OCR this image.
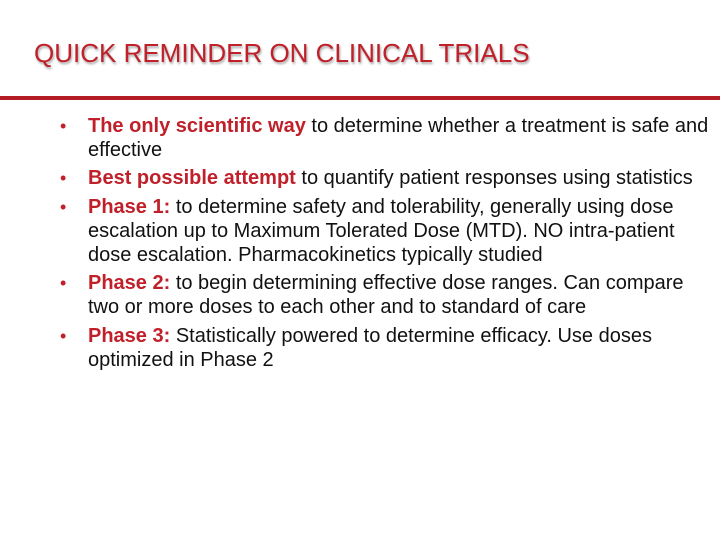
QUICK REMINDER ON CLINICAL TRIALS
• The only scientific way to determine whether a treatment is safe and effective
• Best possible attempt to quantify patient responses using statistics
• Phase 1: to determine safety and tolerability, generally using dose escalation up to Maximum Tolerated Dose (MTD). NO intra-patient dose escalation. Pharmacokinetics typically studied
• Phase 2: to begin determining effective dose ranges. Can compare two or more doses to each other and to standard of care
• Phase 3: Statistically powered to determine efficacy. Use doses optimized in Phase 2
